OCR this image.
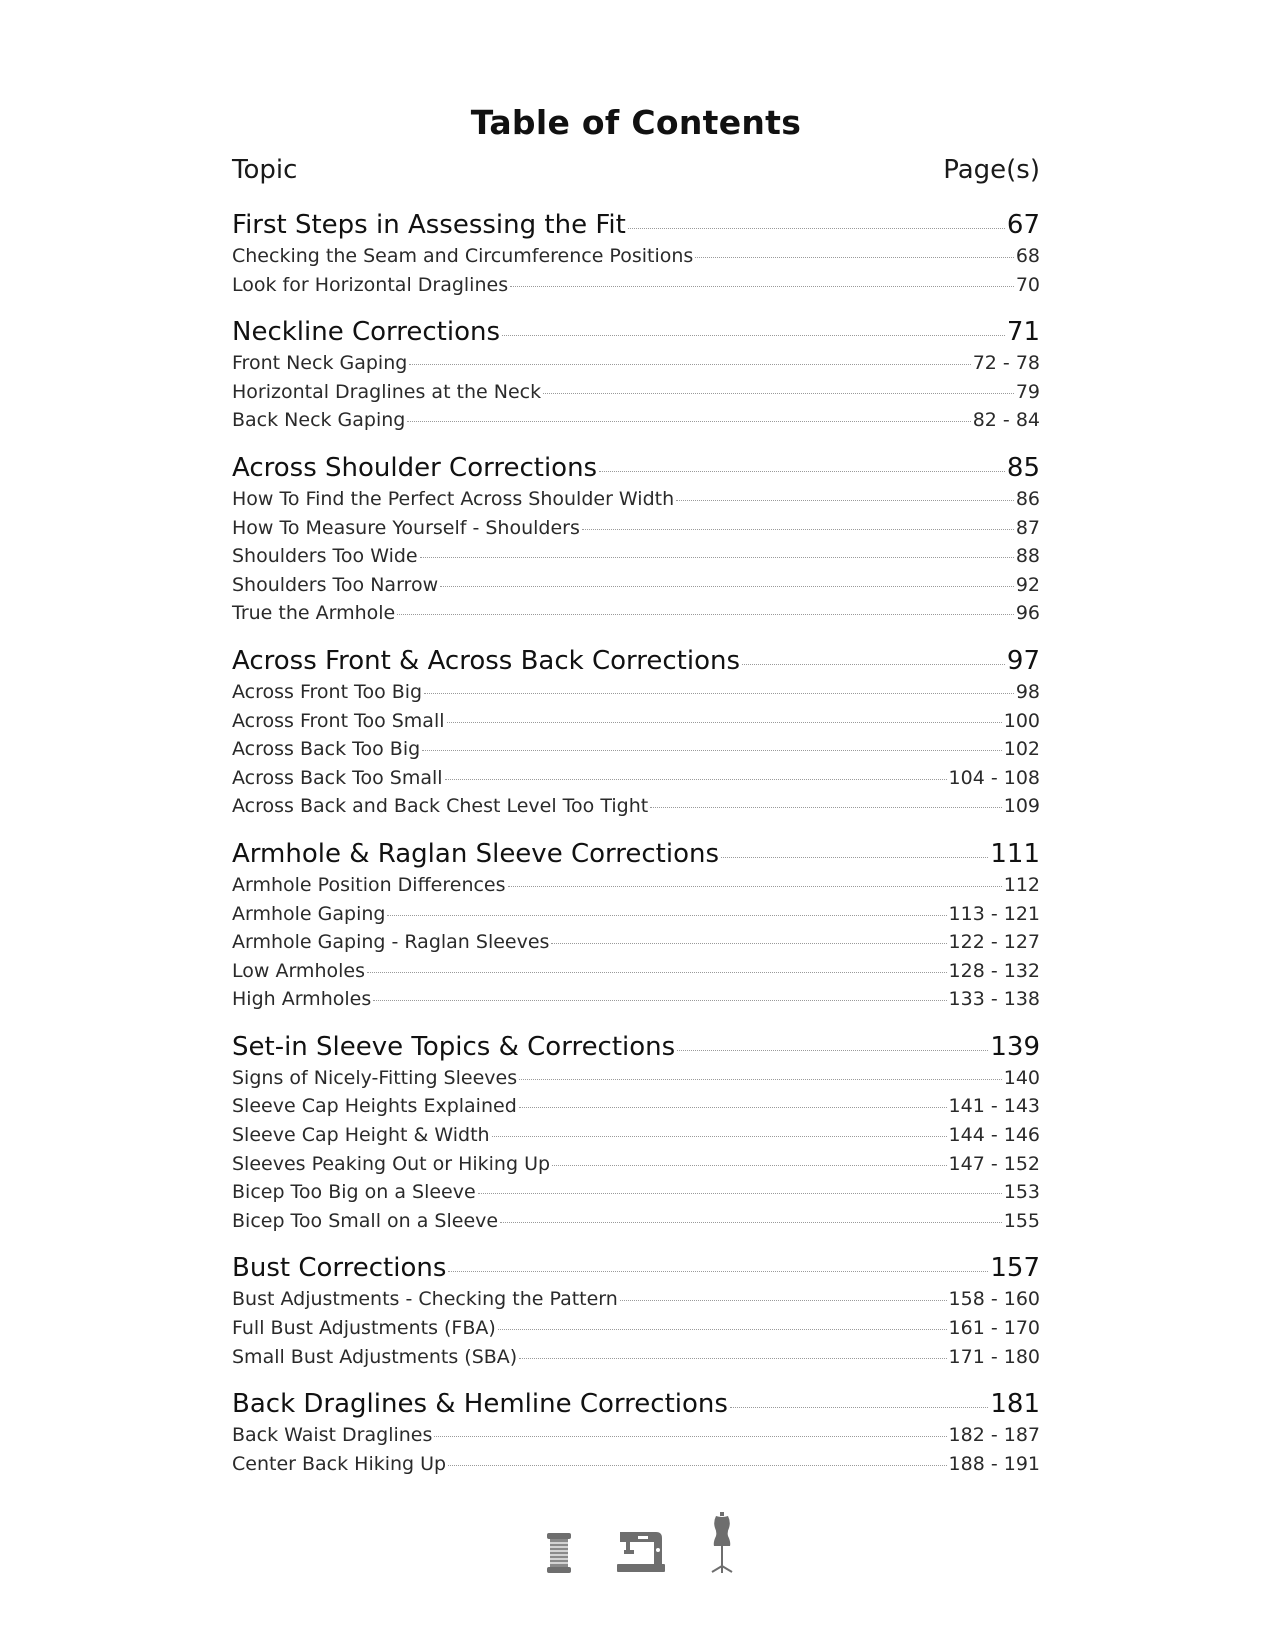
Table of Contents
Topic	Page(s)
First Steps in Assessing the Fit	67
Checking the Seam and Circumference Positions	68
Look for Horizontal Draglines	70
Neckline Corrections	71
Front Neck Gaping	72 - 78
Horizontal Draglines at the Neck	79
Back Neck Gaping	82 - 84
Across Shoulder Corrections	85
How To Find the Perfect Across Shoulder Width	86
How To Measure Yourself - Shoulders	87
Shoulders Too Wide	88
Shoulders Too Narrow	92
True the Armhole	96
Across Front & Across Back Corrections	97
Across Front Too Big	98
Across Front Too Small	100
Across Back Too Big	102
Across Back Too Small	104 - 108
Across Back and Back Chest Level Too Tight	109
Armhole & Raglan Sleeve Corrections	111
Armhole Position Differences	112
Armhole Gaping	113 - 121
Armhole Gaping - Raglan Sleeves	122 - 127
Low Armholes	128 - 132
High Armholes	133 - 138
Set-in Sleeve Topics & Corrections	139
Signs of Nicely-Fitting Sleeves	140
Sleeve Cap Heights Explained	141 - 143
Sleeve Cap Height & Width	144 - 146
Sleeves Peaking Out or Hiking Up	147 - 152
Bicep Too Big on a Sleeve	153
Bicep Too Small on a Sleeve	155
Bust Corrections	157
Bust Adjustments - Checking the Pattern	158 - 160
Full Bust Adjustments (FBA)	161 - 170
Small Bust Adjustments (SBA)	171 - 180
Back Draglines & Hemline Corrections	181
Back Waist Draglines	182 - 187
Center Back Hiking Up	188 - 191
